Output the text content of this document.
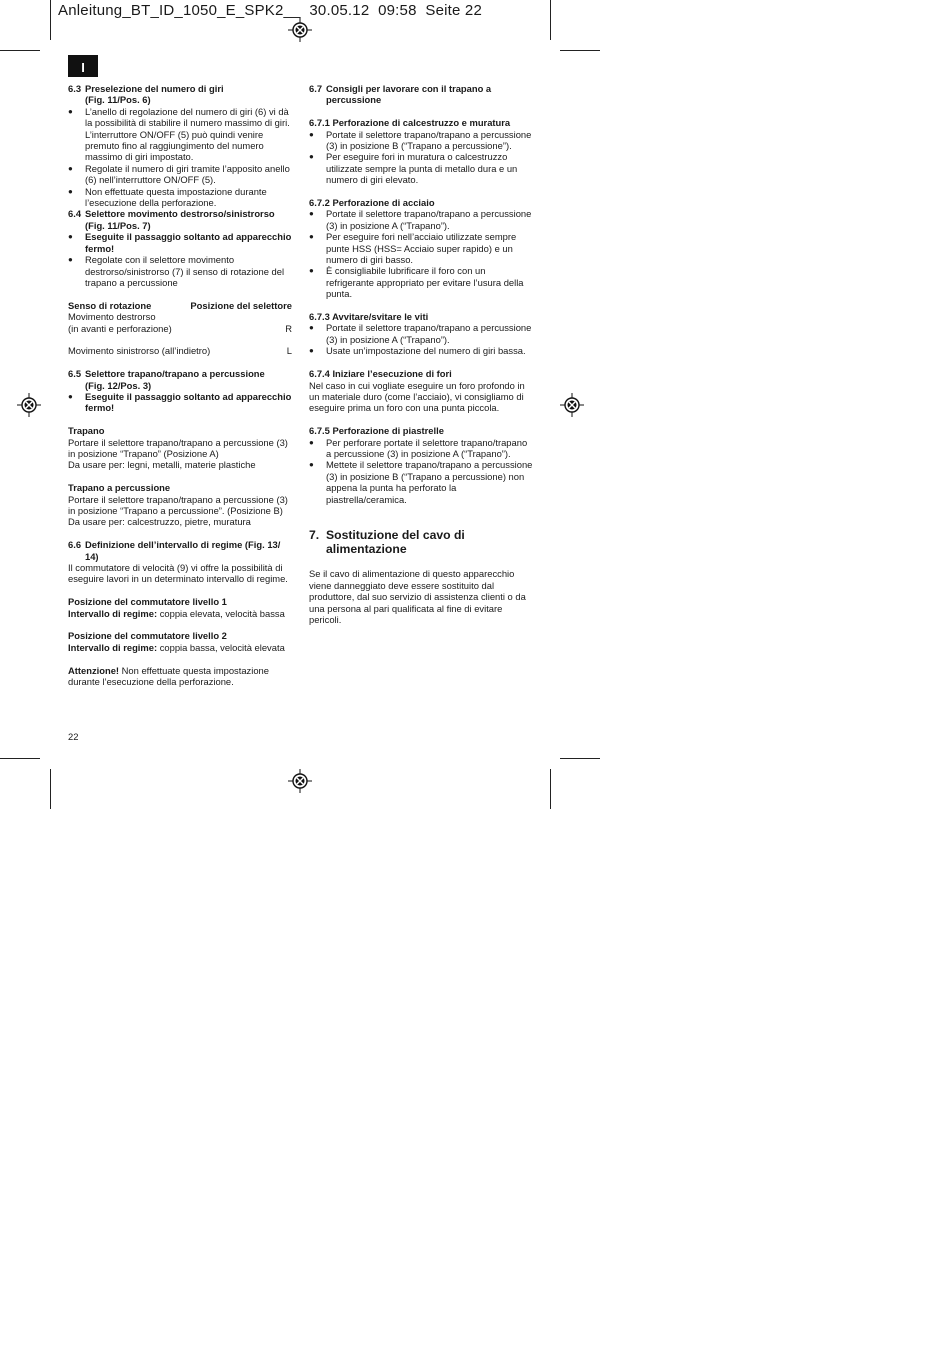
Anleitung_BT_ID_1050_E_SPK2__  30.05.12  09:58  Seite 22
I
6.3 Preselezione del numero di giri
(Fig. 11/Pos. 6)
●	L’anello di regolazione del numero di giri (6) vi dà la possibilità di stabilire il numero massimo di giri. L’interruttore ON/OFF (5) può quindi venire premuto fino al raggiungimento del numero massimo di giri impostato.
●	Regolate il numero di giri tramite l’apposito anello (6) nell’interruttore ON/OFF (5).
●	Non effettuate questa impostazione durante l’esecuzione della perforazione.
6.4 Selettore movimento destrorso/sinistrorso
(Fig. 11/Pos. 7)
●	Eseguite il passaggio soltanto ad apparecchio fermo!
●	Regolate con il selettore movimento destrorso/sinistrorso (7) il senso di rotazione del trapano a percussione
Senso di rotazione	Posizione del selettore
Movimento destrorso
(in avanti e perforazione)	R
Movimento sinistrorso (all’indietro)	L
6.5 Selettore trapano/trapano a percussione
(Fig. 12/Pos. 3)
●	Eseguite il passaggio soltanto ad apparecchio fermo!
Trapano
Portare il selettore trapano/trapano a percussione (3) in posizione “Trapano” (Posizione A)
Da usare per: legni, metalli, materie plastiche
Trapano a percussione
Portare il selettore trapano/trapano a percussione (3) in posizione “Trapano a percussione”. (Posizione B)
Da usare per: calcestruzzo, pietre, muratura
6.6 Definizione dell’intervallo di regime (Fig. 13/
14)
Il commutatore di velocità (9) vi offre la possibilità di eseguire lavori in un determinato intervallo di regime.
Posizione del commutatore livello 1
Intervallo di regime: coppia elevata, velocità bassa
Posizione del commutatore livello 2
Intervallo di regime: coppia bassa, velocità elevata
Attenzione! Non effettuate questa impostazione durante l’esecuzione della perforazione.
6.7 Consigli per lavorare con il trapano a
percussione
6.7.1 Perforazione di calcestruzzo e muratura
●	Portate il selettore trapano/trapano a percussione (3) in posizione B (“Trapano a percussione”).
●	Per eseguire fori in muratura o calcestruzzo utilizzate sempre la punta di metallo dura e un numero di giri elevato.
6.7.2 Perforazione di acciaio
●	Portate il selettore trapano/trapano a percussione (3) in posizione A (“Trapano”).
●	Per eseguire fori nell’acciaio utilizzate sempre punte HSS (HSS= Acciaio super rapido) e un numero di giri basso.
●	È consigliabile lubrificare il foro con un refrigerante appropriato per evitare l’usura della punta.
6.7.3 Avvitare/svitare le viti
●	Portate il selettore trapano/trapano a percussione (3) in posizione A (“Trapano”).
●	Usate un’impostazione del numero di giri bassa.
6.7.4 Iniziare l’esecuzione di fori
Nel caso in cui vogliate eseguire un foro profondo in un materiale duro (come l’acciaio), vi consigliamo di eseguire prima un foro con una punta piccola.
6.7.5 Perforazione di piastrelle
●	Per perforare portate il selettore trapano/trapano a percussione (3) in posizione A (“Trapano”).
●	Mettete il selettore trapano/trapano a percussione (3) in posizione B (“Trapano a percussione) non appena la punta ha perforato la piastrella/ceramica.
7. Sostituzione del cavo di
alimentazione
Se il cavo di alimentazione di questo apparecchio viene danneggiato deve essere sostituito dal produttore, dal suo servizio di assistenza clienti o da una persona al pari qualificata al fine di evitare pericoli.
22
